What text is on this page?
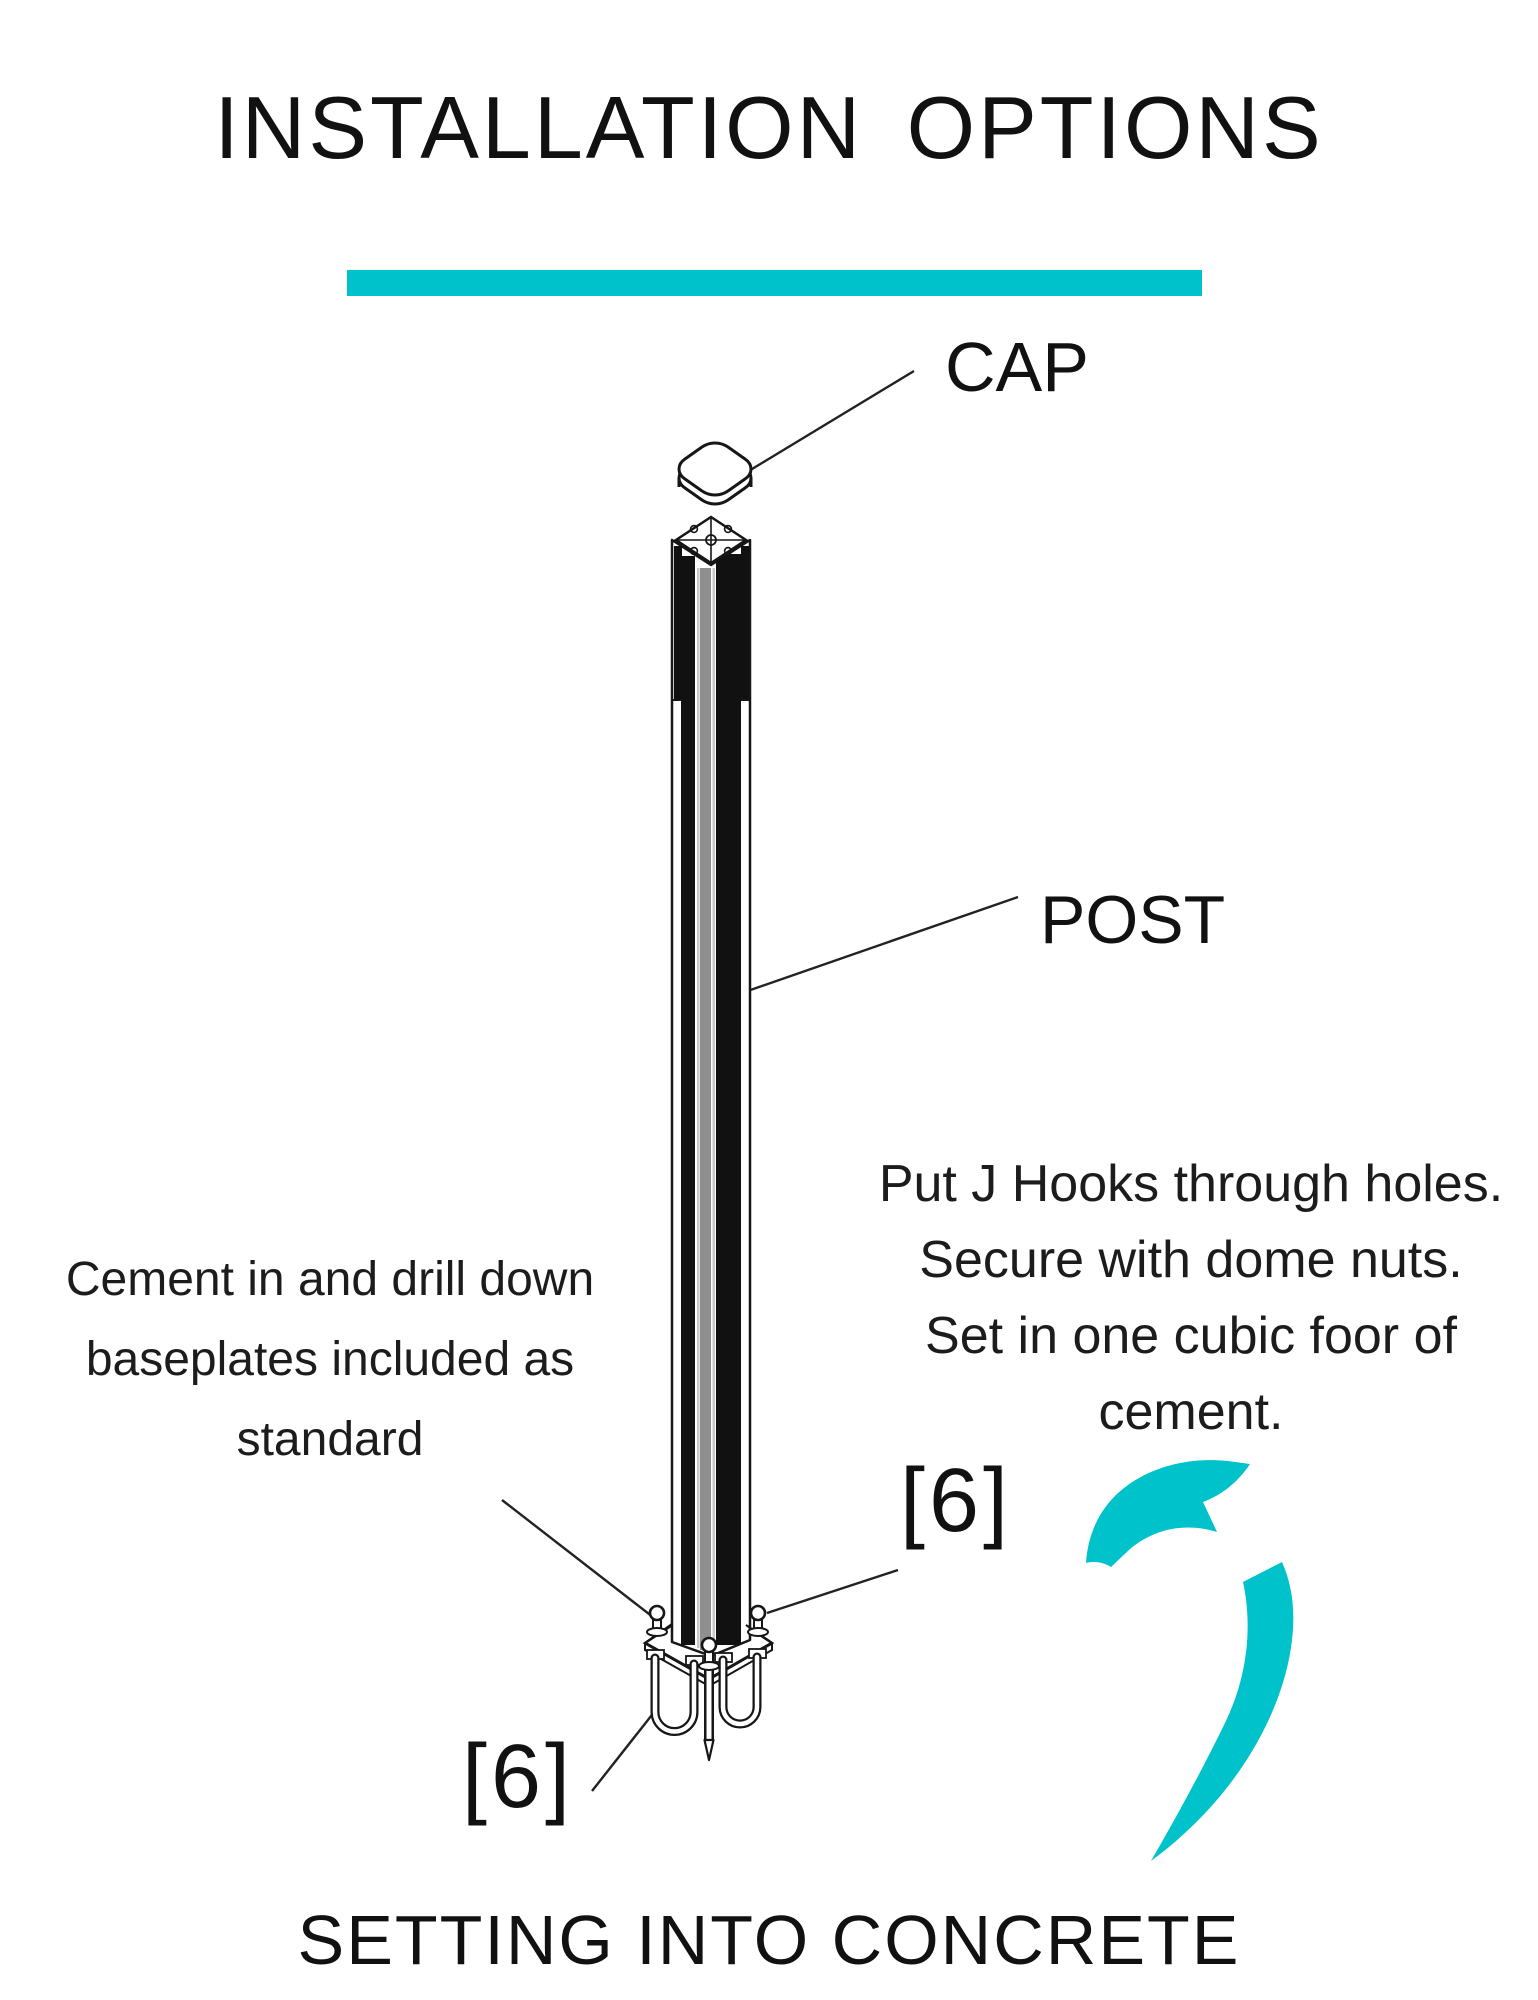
INSTALLATION OPTIONS
CAP
POST
Cement in and drill down
baseplates included as
standard
Put J Hooks through holes.
Secure with dome nuts.
Set in one cubic foor of
cement.
[6]
[6]
SETTING INTO CONCRETE
